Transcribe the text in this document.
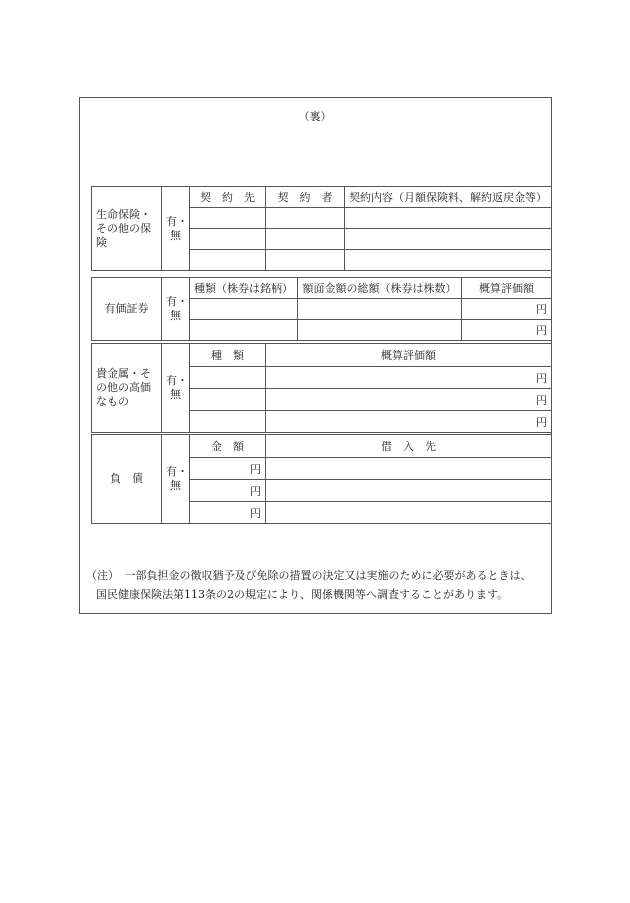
（裏）
生命保険・その他の保険	有・無	契　約　先	契　約　者	契約内容（月額保険料、解約返戻金等）

有価証券	有・無	種類（株券は銘柄）	額面金額の総額（株券は株数）	概算評価額
				円
				円
貴金属・その他の高価なもの	有・無	種　類	概算評価額
			円
			円
			円
負　債	有・無	金　額	借　入　先
		円	
		円	
		円	
（注）　一部負担金の徴収猶予及び免除の措置の決定又は実施のために必要があるときは、
国民健康保険法第113条の2の規定により、関係機関等へ調査することがあります。
